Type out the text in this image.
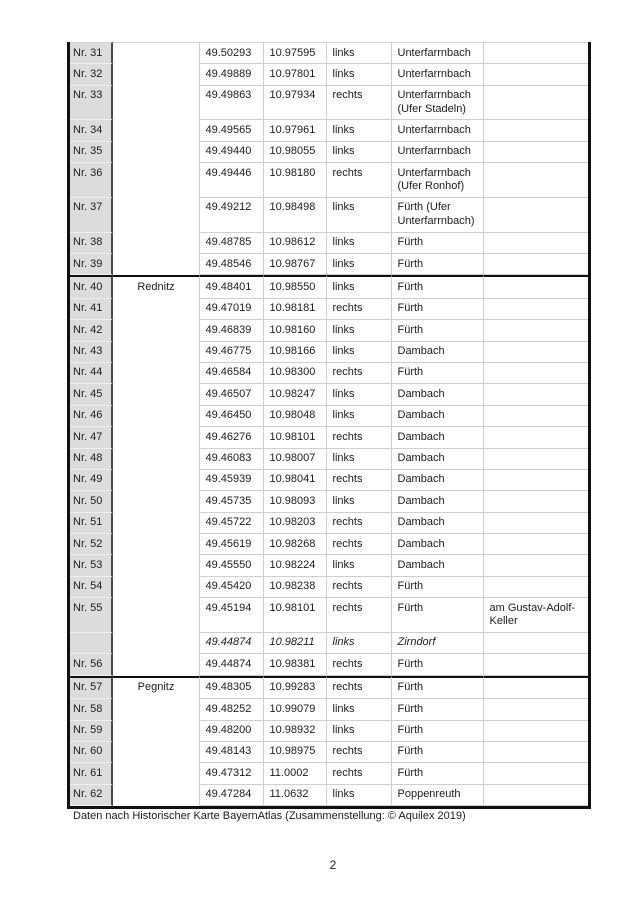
Nr. 31		49.50293	10.97595	links	Unterfarrnbach	
Nr. 32		49.49889	10.97801	links	Unterfarrnbach	
Nr. 33		49.49863	10.97934	rechts	Unterfarrnbach (Ufer Stadeln)	
Nr. 34		49.49565	10.97961	links	Unterfarrnbach	
Nr. 35		49.49440	10.98055	links	Unterfarrnbach	
Nr. 36		49.49446	10.98180	rechts	Unterfarrnbach (Ufer Ronhof)	
Nr. 37		49.49212	10.98498	links	Fürth (Ufer Unterfarrnbach)	
Nr. 38		49.48785	10.98612	links	Fürth	
Nr. 39		49.48546	10.98767	links	Fürth	
Nr. 40	Rednitz	49.48401	10.98550	links	Fürth	
Nr. 41		49.47019	10.98181	rechts	Fürth	
Nr. 42		49.46839	10.98160	links	Fürth	
Nr. 43		49.46775	10.98166	links	Dambach	
Nr. 44		49.46584	10.98300	rechts	Fürth	
Nr. 45		49.46507	10.98247	links	Dambach	
Nr. 46		49.46450	10.98048	links	Dambach	
Nr. 47		49.46276	10.98101	rechts	Dambach	
Nr. 48		49.46083	10.98007	links	Dambach	
Nr. 49		49.45939	10.98041	rechts	Dambach	
Nr. 50		49.45735	10.98093	links	Dambach	
Nr. 51		49.45722	10.98203	rechts	Dambach	
Nr. 52		49.45619	10.98268	rechts	Dambach	
Nr. 53		49.45550	10.98224	links	Dambach	
Nr. 54		49.45420	10.98238	rechts	Fürth	
Nr. 55		49.45194	10.98101	rechts	Fürth	am Gustav-Adolf-Keller
		49.44874	10.98211	links	Zirndorf	
Nr. 56		49.44874	10.98381	rechts	Fürth	
Nr. 57	Pegnitz	49.48305	10.99283	rechts	Fürth	
Nr. 58		49.48252	10.99079	links	Fürth	
Nr. 59		49.48200	10.98932	links	Fürth	
Nr. 60		49.48143	10.98975	rechts	Fürth	
Nr. 61		49.47312	11.0002	rechts	Fürth	
Nr. 62		49.47284	11.0632	links	Poppenreuth	
Daten nach Historischer Karte BayernAtlas (Zusammenstellung: © Aquilex 2019)
2
